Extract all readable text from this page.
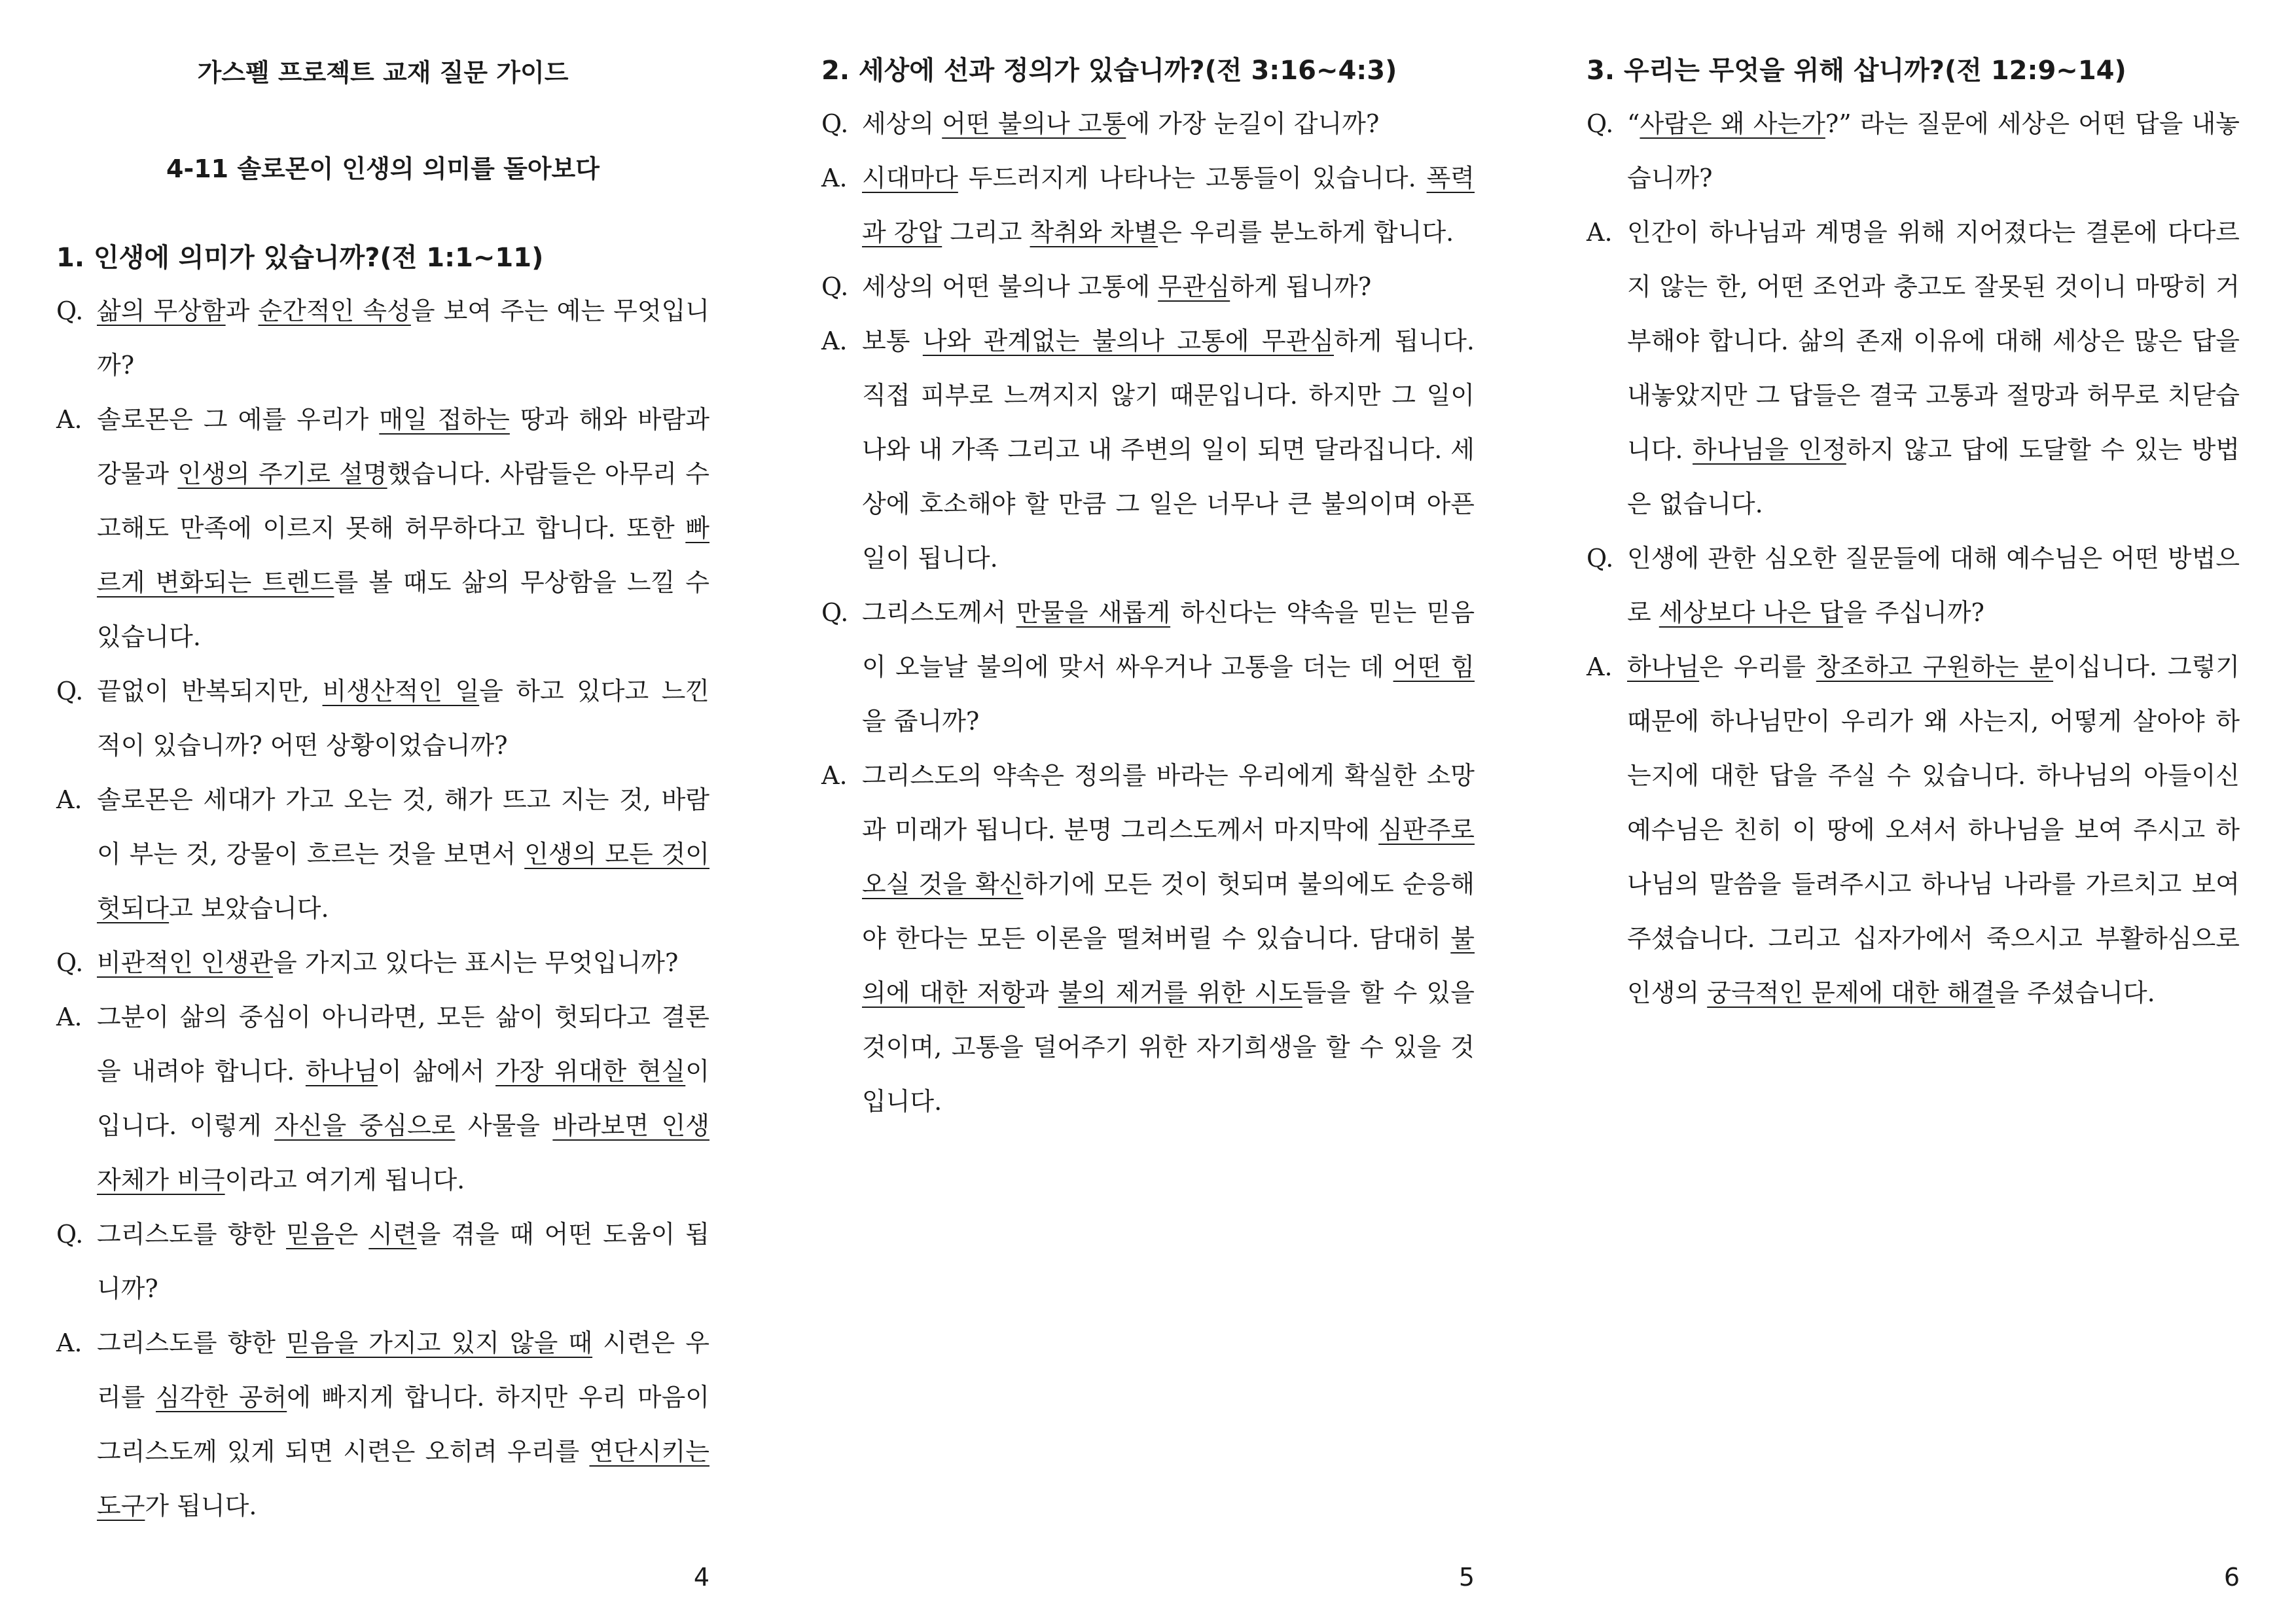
가스펠 프로젝트 교재 질문 가이드
4-11 솔로몬이 인생의 의미를 돌아보다
1. 인생에 의미가 있습니까?(전 1:1~11)
Q. 삶의 무상함과 순간적인 속성을 보여 주는 예는 무엇입니까?
A. 솔로몬은 그 예를 우리가 매일 접하는 땅과 해와 바람과 강물과 인생의 주기로 설명했습니다. 사람들은 아무리 수고해도 만족에 이르지 못해 허무하다고 합니다. 또한 빠르게 변화되는 트렌드를 볼 때도 삶의 무상함을 느낄 수 있습니다.
Q. 끝없이 반복되지만, 비생산적인 일을 하고 있다고 느낀 적이 있습니까? 어떤 상황이었습니까?
A. 솔로몬은 세대가 가고 오는 것, 해가 뜨고 지는 것, 바람이 부는 것, 강물이 흐르는 것을 보면서 인생의 모든 것이 헛되다고 보았습니다.
Q. 비관적인 인생관을 가지고 있다는 표시는 무엇입니까?
A. 그분이 삶의 중심이 아니라면, 모든 삶이 헛되다고 결론을 내려야 합니다. 하나님이 삶에서 가장 위대한 현실이 입니다. 이렇게 자신을 중심으로 사물을 바라보면 인생 자체가 비극이라고 여기게 됩니다.
Q. 그리스도를 향한 믿음은 시련을 겪을 때 어떤 도움이 됩니까?
A. 그리스도를 향한 믿음을 가지고 있지 않을 때 시련은 우리를 심각한 공허에 빠지게 합니다. 하지만 우리 마음이 그리스도께 있게 되면 시련은 오히려 우리를 연단시키는 도구가 됩니다.
4
2. 세상에 선과 정의가 있습니까?(전 3:16~4:3)
Q. 세상의 어떤 불의나 고통에 가장 눈길이 갑니까?
A. 시대마다 두드러지게 나타나는 고통들이 있습니다. 폭력과 강압 그리고 착취와 차별은 우리를 분노하게 합니다.
Q. 세상의 어떤 불의나 고통에 무관심하게 됩니까?
A. 보통 나와 관계없는 불의나 고통에 무관심하게 됩니다. 직접 피부로 느껴지지 않기 때문입니다. 하지만 그 일이 나와 내 가족 그리고 내 주변의 일이 되면 달라집니다. 세상에 호소해야 할 만큼 그 일은 너무나 큰 불의이며 아픈 일이 됩니다.
Q. 그리스도께서 만물을 새롭게 하신다는 약속을 믿는 믿음이 오늘날 불의에 맞서 싸우거나 고통을 더는 데 어떤 힘을 줍니까?
A. 그리스도의 약속은 정의를 바라는 우리에게 확실한 소망과 미래가 됩니다. 분명 그리스도께서 마지막에 심판주로 오실 것을 확신하기에 모든 것이 헛되며 불의에도 순응해야 한다는 모든 이론을 떨쳐버릴 수 있습니다. 담대히 불의에 대한 저항과 불의 제거를 위한 시도들을 할 수 있을 것이며, 고통을 덜어주기 위한 자기희생을 할 수 있을 것입니다.
5
3. 우리는 무엇을 위해 삽니까?(전 12:9~14)
Q. “사람은 왜 사는가?” 라는 질문에 세상은 어떤 답을 내놓습니까?
A. 인간이 하나님과 계명을 위해 지어졌다는 결론에 다다르지 않는 한, 어떤 조언과 충고도 잘못된 것이니 마땅히 거부해야 합니다. 삶의 존재 이유에 대해 세상은 많은 답을 내놓았지만 그 답들은 결국 고통과 절망과 허무로 치닫습니다. 하나님을 인정하지 않고 답에 도달할 수 있는 방법은 없습니다.
Q. 인생에 관한 심오한 질문들에 대해 예수님은 어떤 방법으로 세상보다 나은 답을 주십니까?
A. 하나님은 우리를 창조하고 구원하는 분이십니다. 그렇기 때문에 하나님만이 우리가 왜 사는지, 어떻게 살아야 하는지에 대한 답을 주실 수 있습니다. 하나님의 아들이신 예수님은 친히 이 땅에 오셔서 하나님을 보여 주시고 하나님의 말씀을 들려주시고 하나님 나라를 가르치고 보여주셨습니다. 그리고 십자가에서 죽으시고 부활하심으로 인생의 궁극적인 문제에 대한 해결을 주셨습니다.
6
